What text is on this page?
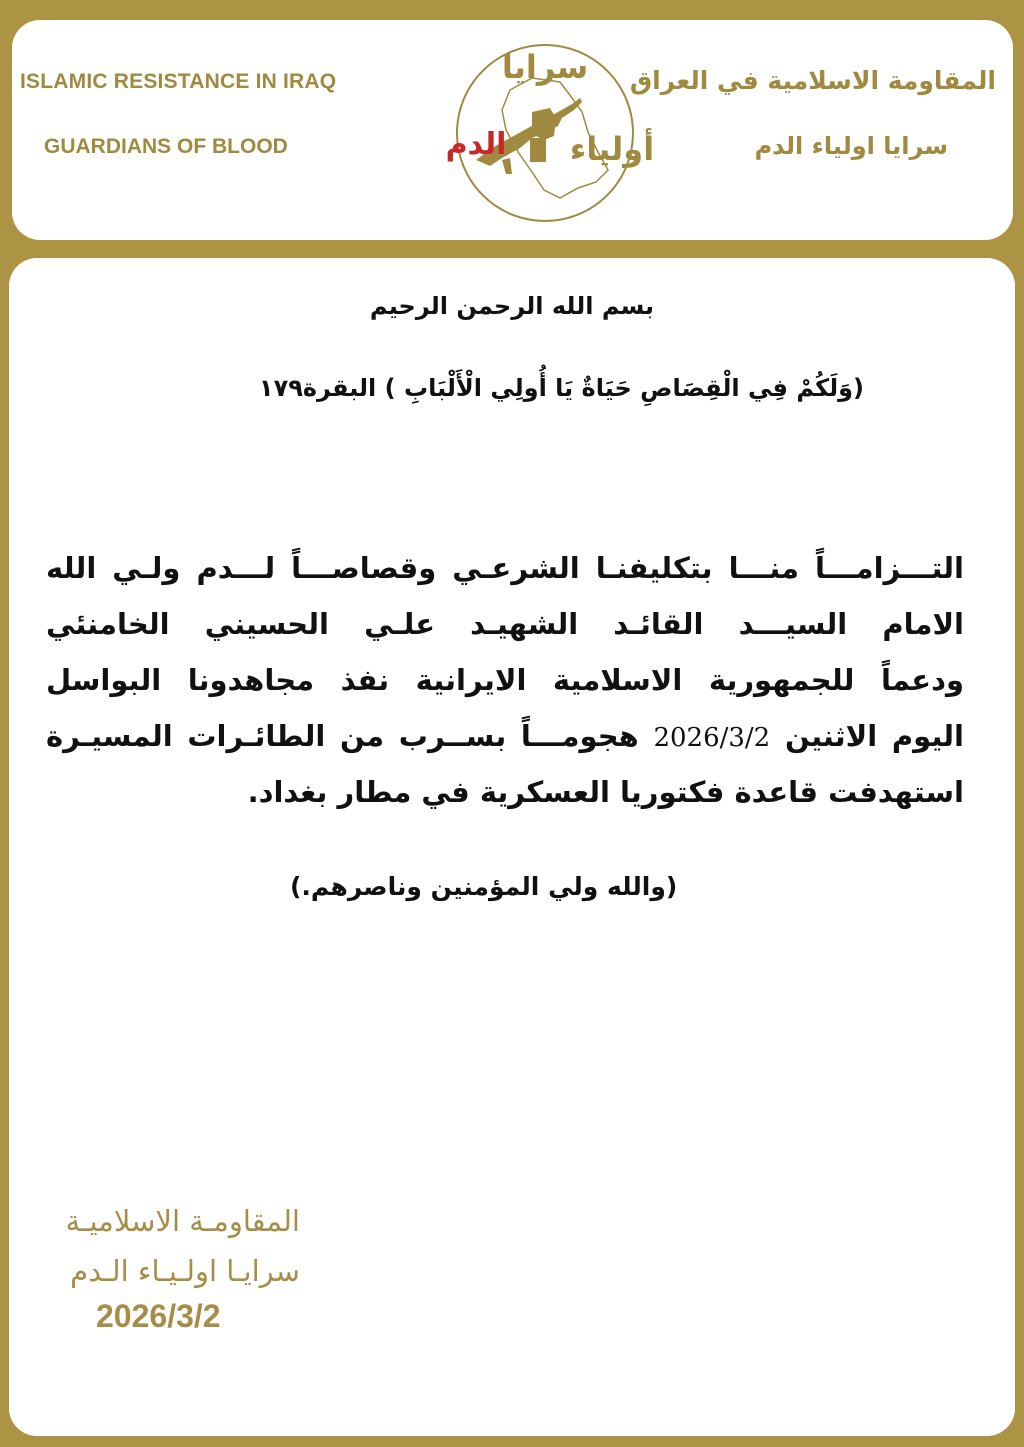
ISLAMIC RESISTANCE IN IRAQ
GUARDIANS OF BLOOD
المقاومة الاسلامية في العراق
سرايا اولياء الدم
سرايا
أولياء
الدم
بسم الله الرحمن الرحيم
(وَلَكُمْ فِي الْقِصَاصِ حَيَاةٌ يَا أُولِي الْأَلْبَابِ ) البقرة١٧٩
التـــزامـــاً منـــا بتكليفنـا الشرعـي وقصاصـــاً لـــدم ولـي الله
الامام السيـــد القائـد الشهيـد علـي الحسيني الخامنئي
ودعماً للجمهورية الاسلامية الايرانية نفذ مجاهدونا البواسل
اليوم الاثنين 2026/3/2 هجومـــاً بســرب من الطائـرات المسيـرة
استهدفت قاعدة فكتوريا العسكرية في مطار بغداد.
(والله ولي المؤمنين وناصرهم.)
المقاومـة الاسلاميـة
سرايـا اولـيـاء الـدم
2026/3/2
